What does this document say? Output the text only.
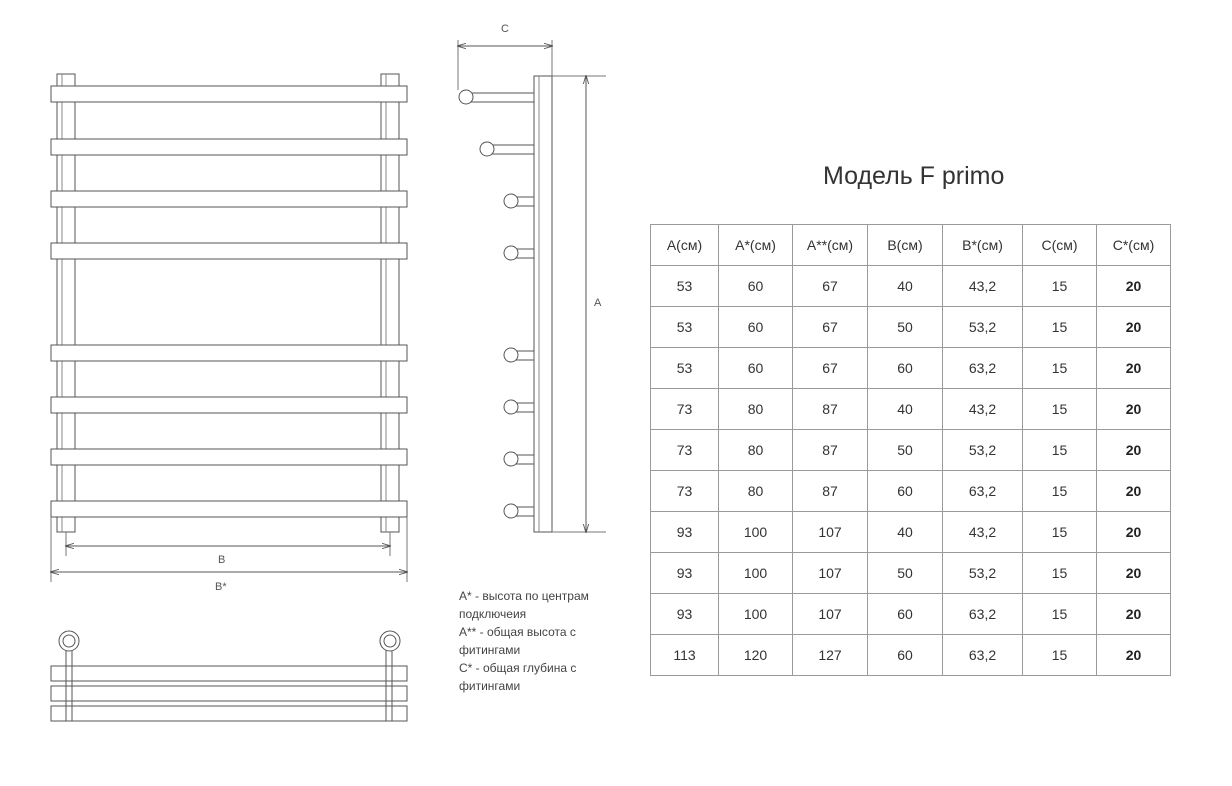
B
B*
C
A
Модель F primo
А(см)	А*(см)	А**(см)	В(см)	В*(см)	С(см)	С*(см)
53	60	67	40	43,2	15	20
53	60	67	50	53,2	15	20
53	60	67	60	63,2	15	20
73	80	87	40	43,2	15	20
73	80	87	50	53,2	15	20
73	80	87	60	63,2	15	20
93	100	107	40	43,2	15	20
93	100	107	50	53,2	15	20
93	100	107	60	63,2	15	20
113	120	127	60	63,2	15	20
А* - высота по центрам
подключеия
А** - общая высота с
фитингами
С* - общая глубина с
фитингами
